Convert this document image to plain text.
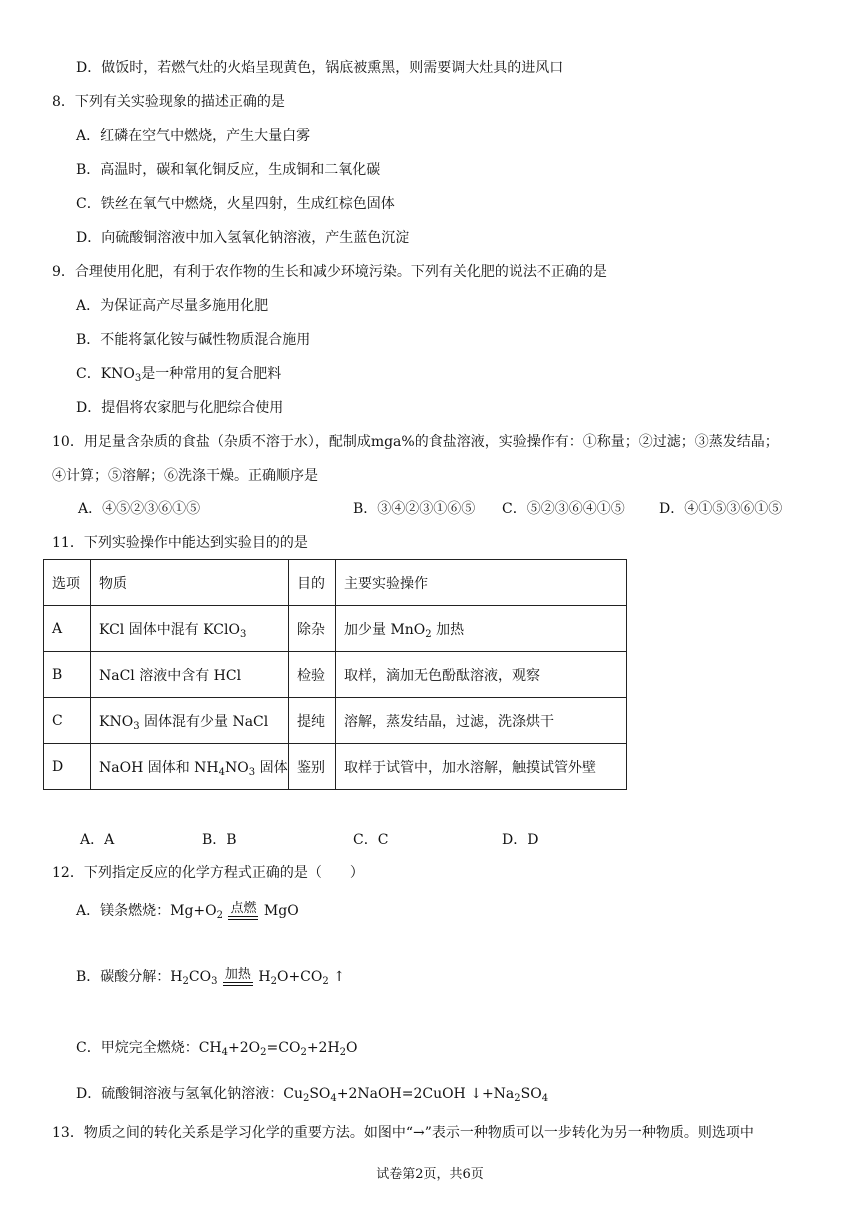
D．做饭时，若燃气灶的火焰呈现黄色，锅底被熏黑，则需要调大灶具的进风口
8．下列有关实验现象的描述正确的是
A．红磷在空气中燃烧，产生大量白雾
B．高温时，碳和氧化铜反应，生成铜和二氧化碳
C．铁丝在氧气中燃烧，火星四射，生成红棕色固体
D．向硫酸铜溶液中加入氢氧化钠溶液，产生蓝色沉淀
9．合理使用化肥，有利于农作物的生长和减少环境污染。下列有关化肥的说法不正确的是
A．为保证高产尽量多施用化肥
B．不能将氯化铵与碱性物质混合施用
C．$KNO_3$是一种常用的复合肥料
D．提倡将农家肥与化肥综合使用
10．用足量含杂质的食盐（杂质不溶于水），配制成mga%的食盐溶液，实验操作有：①称量；②过滤；③蒸发结晶；
④计算；⑤溶解；⑥洗涤干燥。正确顺序是
A．④⑤②③⑥①⑤	B．③④②③①⑥⑤ C．⑤②③⑥④①⑤ D．④①⑤③⑥①⑤
11．下列实验操作中能达到实验目的的是
选项	物质	目的	主要实验操作
A	KCl 固体中混有 KClO$_3$	除杂	加少量 MnO$_2$ 加热
B	NaCl 溶液中含有 HCl	检验	取样，滴加无色酚酞溶液，观察
C	$KNO_3$ 固体混有少量 NaCl	提纯	溶解，蒸发结晶，过滤，洗涤烘干
D	NaOH 固体和 $NH_4NO_3$ 固体	鉴别	取样于试管中，加水溶解，触摸试管外壁
A．A	B．B	C．C	D．D
12．下列指定反应的化学方程式正确的是（　　）
A．镁条燃烧：$Mg+O_2$ 点燃 MgO
B．碳酸分解：$H_2CO_3$ 加热 $H_2O+CO_2$ ↑
C．甲烷完全燃烧：$CH_4+2O_2=CO_2+2H_2O$
D．硫酸铜溶液与氢氧化钠溶液：$Cu_2SO_4+2NaOH=2CuOH$ $↓+Na_2SO_4$
13．物质之间的转化关系是学习化学的重要方法。如图中“→”表示一种物质可以一步转化为另一种物质。则选项中
试卷第2页，共6页
